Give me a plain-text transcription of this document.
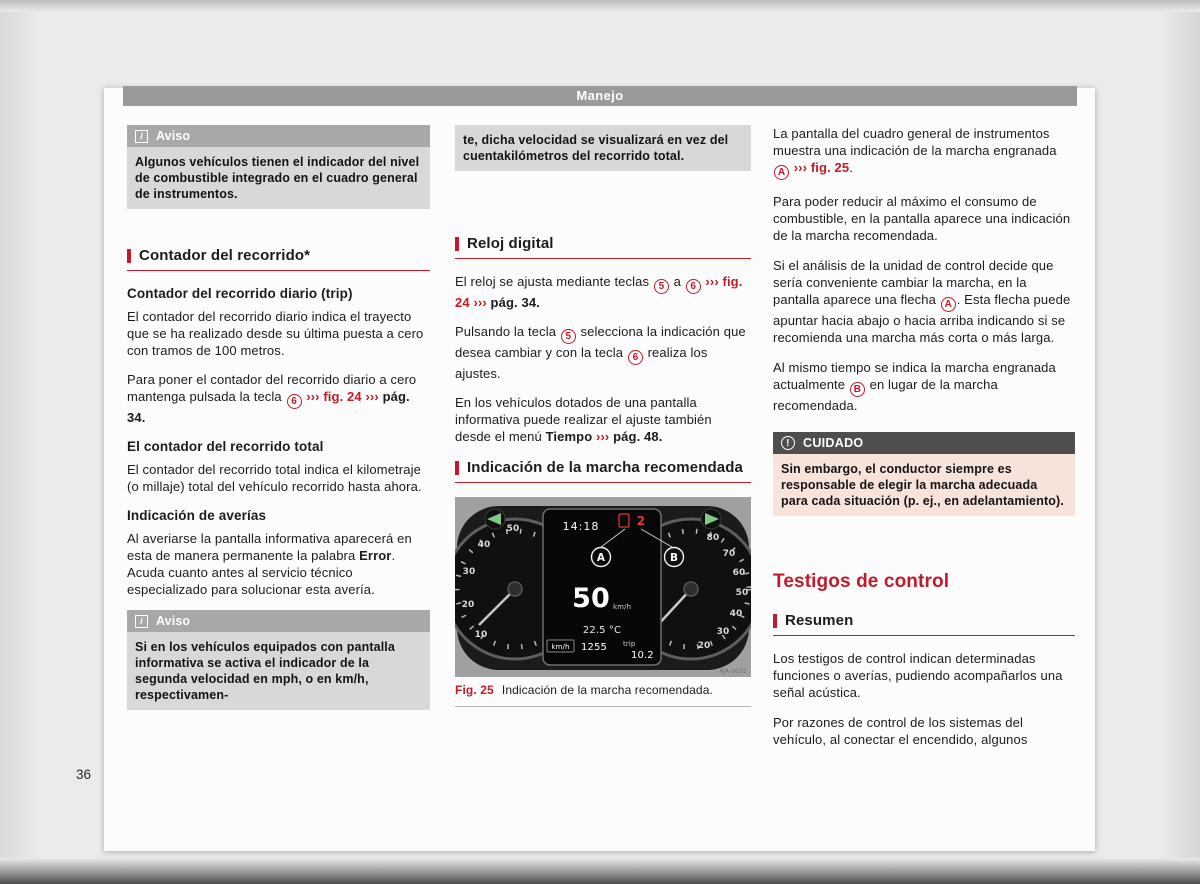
Manejo
36
i	Aviso
Algunos vehículos tienen el indicador del nivel de combustible integrado en el cuadro general de instrumentos.
Contador del recorrido*
Contador del recorrido diario (trip)

El contador del recorrido diario indica el trayecto que se ha realizado desde su última puesta a cero con tramos de 100 metros.

Para poner el contador del recorrido diario a cero mantenga pulsada la tecla 6 ››› fig. 24 ››› pág. 34.

El contador del recorrido total

El contador del recorrido total indica el kilometraje (o millaje) total del vehículo recorrido hasta ahora.

Indicación de averías

Al averiarse la pantalla informativa aparecerá en esta de manera permanente la palabra Error. Acuda cuanto antes al servicio técnico especializado para solucionar esta avería.

i	Aviso
Si en los vehículos equipados con pantalla informativa se activa el indicador de la segunda velocidad en mph, o en km/h, respectivamen-
te, dicha velocidad se visualizará en vez del cuentakilómetros del recorrido total.
Reloj digital

El reloj se ajusta mediante teclas 5 a 6 ››› fig. 24 ››› pág. 34.

Pulsando la tecla 5 selecciona la indicación que desea cambiar y con la tecla 6 realiza los ajustes.

En los vehículos dotados de una pantalla informativa puede realizar el ajuste también desde el menú Tiempo ››› pág. 48.

Indicación de la marcha recomendada
10
20
30
40
50
20
30
40
50
60
70
80
14:18	2
50 km/h
22.5 °C
km/h 1255 trip
10.2
A	B
4JA-0031
Fig. 25 Indicación de la marcha recomendada.

La pantalla del cuadro general de instrumentos muestra una indicación de la marcha engranada A ››› fig. 25.

Para poder reducir al máximo el consumo de combustible, en la pantalla aparece una indicación de la marcha recomendada.

Si el análisis de la unidad de control decide que sería conveniente cambiar la marcha, en la pantalla aparece una flecha A . Esta flecha puede apuntar hacia abajo o hacia arriba indicando si se recomienda una marcha más corta o más larga.

Al mismo tiempo se indica la marcha engranada actualmente B en lugar de la marcha recomendada.

!	CUIDADO
Sin embargo, el conductor siempre es responsable de elegir la marcha adecuada para cada situación (p. ej., en adelantamiento).
Testigos de control
Resumen

Los testigos de control indican determinadas funciones o averías, pudiendo acompañarlos una señal acústica.

Por razones de control de los sistemas del vehículo, al conectar el encendido, algunos
